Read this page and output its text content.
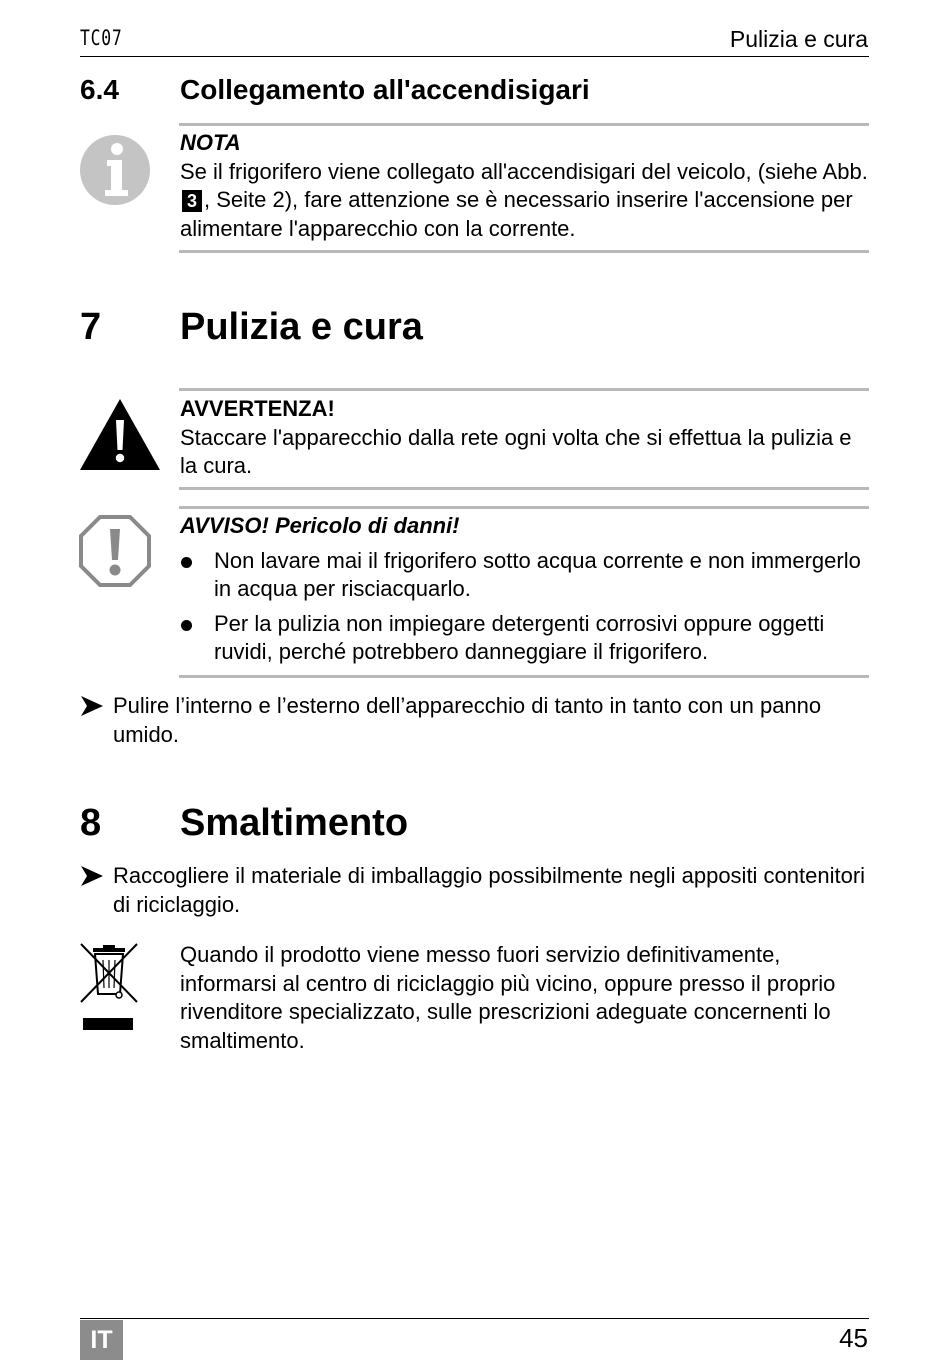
TC07	Pulizia e cura
6.4 Collegamento all'accendisigari
NOTA
Se il frigorifero viene collegato all'accendisigari del veicolo, (siehe Abb. 3 , Seite 2), fare attenzione se è necessario inserire l'accensione per alimentare l'apparecchio con la corrente.
7 Pulizia e cura
AVVERTENZA!
Staccare l'apparecchio dalla rete ogni volta che si effettua la pulizia e la cura.
AVVISO! Pericolo di danni!
Non lavare mai il frigorifero sotto acqua corrente e non immergerlo in acqua per risciacquarlo.
Per la pulizia non impiegare detergenti corrosivi oppure oggetti ruvidi, perché potrebbero danneggiare il frigorifero.
Pulire l’interno e l’esterno dell’apparecchio di tanto in tanto con un panno umido.
8 Smaltimento
Raccogliere il materiale di imballaggio possibilmente negli appositi contenitori di riciclaggio.
Quando il prodotto viene messo fuori servizio definitivamente, informarsi al centro di riciclaggio più vicino, oppure presso il proprio rivenditore specializzato, sulle prescrizioni adeguate concernenti lo smaltimento.
IT	45
